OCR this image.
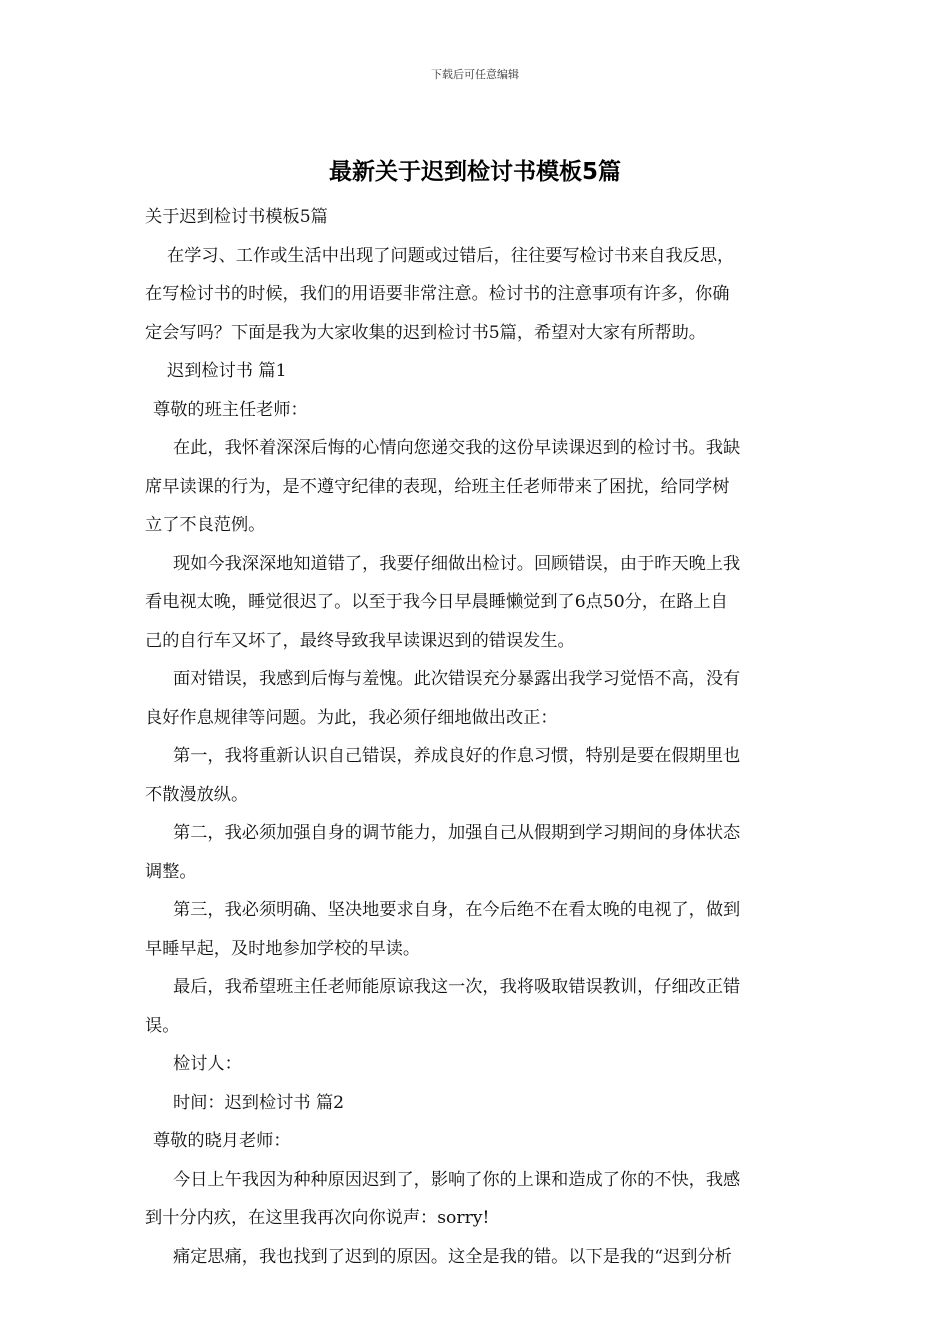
下载后可任意编辑
最新关于迟到检讨书模板5篇
关于迟到检讨书模板5篇
在学习、工作或生活中出现了问题或过错后，往往要写检讨书来自我反思，
在写检讨书的时候，我们的用语要非常注意。检讨书的注意事项有许多，你确
定会写吗？下面是我为大家收集的迟到检讨书5篇，希望对大家有所帮助。
迟到检讨书 篇1
尊敬的班主任老师：
在此，我怀着深深后悔的心情向您递交我的这份早读课迟到的检讨书。我缺
席早读课的行为，是不遵守纪律的表现，给班主任老师带来了困扰，给同学树
立了不良范例。
现如今我深深地知道错了，我要仔细做出检讨。回顾错误，由于昨天晚上我
看电视太晚，睡觉很迟了。以至于我今日早晨睡懒觉到了6点50分，在路上自
己的自行车又坏了，最终导致我早读课迟到的错误发生。
面对错误，我感到后悔与羞愧。此次错误充分暴露出我学习觉悟不高，没有
良好作息规律等问题。为此，我必须仔细地做出改正：
第一，我将重新认识自己错误，养成良好的作息习惯，特别是要在假期里也
不散漫放纵。
第二，我必须加强自身的调节能力，加强自己从假期到学习期间的身体状态
调整。
第三，我必须明确、坚决地要求自身，在今后绝不在看太晚的电视了，做到
早睡早起，及时地参加学校的早读。
最后，我希望班主任老师能原谅我这一次，我将吸取错误教训，仔细改正错
误。
检讨人：
时间：迟到检讨书 篇2
尊敬的晓月老师：
今日上午我因为种种原因迟到了，影响了你的上课和造成了你的不快，我感
到十分内疚，在这里我再次向你说声：sorry!
痛定思痛，我也找到了迟到的原因。这全是我的错。以下是我的“迟到分析
